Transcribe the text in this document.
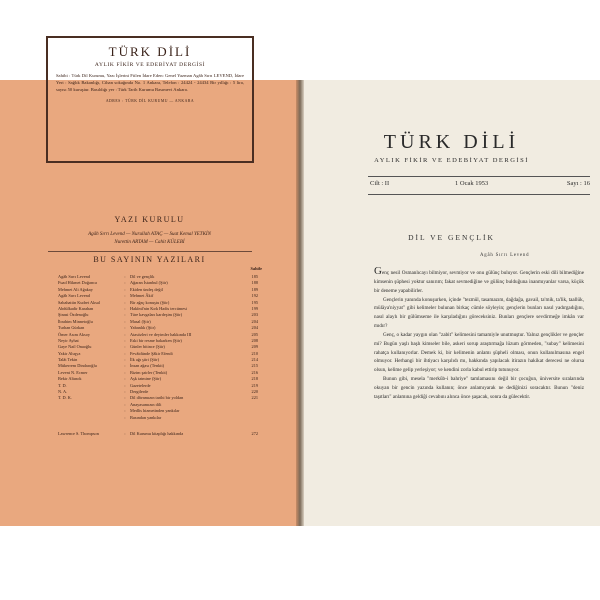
TÜRK DİLİ
AYLIK FİKİR VE EDEBİYAT DERGİSİ
Sahibi : Türk Dil Kurumu, Yazı İşlerini Fiilen İdare Eden: Genel Yazman Agâh Sırrı LEVEND, İdare Yeri : Sağlık Bakanlığı, Cihan sokağında No. 1 Ankara, Telefon : 24424 - 24434 Bir yıllığı : 5 lira, sayısı 50 kuruştur. Basıldığı yer : Türk Tarih Kurumu Basımevi Ankara.
ADRES : TÜRK DİL KURUMU — ANKARA
YAZI KURULU
Agâh Sırrı Levend — Nurullah ATAÇ — Suat Kemal YETKİN
Nurettin ARTAM — Cahit KÜLEBİ
BU SAYININ YAZILARI
Sahife
Agâh Sırrı Levend	:	Dil ve gençlik	185
Fuad Hikmet Doğanca	:	Ağaran İstanbul (Şiir)	188
Mehmet Ali Ağakay	:	Ekiden ündeş değil	189
Agâh Sırrı Levend	:	Mehmet Âkif	192
Sabahattin Kudret Aksal	:	Bir ağaç konuştu (Şiir)	195
Abdülkadir Karahan	:	Hakîmî'nin Kırk Hadis tercümesi	199
Şinasi Özdenoğlu	:	Türe kavgaları kardeşim (Şiir)	203
İbrahim Minnetoğlu	:	Masal (Şiir)	204
Turhan Gürkan	:	Yabanlık (Şiir)	204
Ömer Asım Aksoy	:	Atasözleri ve deyimler hakkında III	205
Neyir Ayhat	:	Eski bir resme bakarken (Şiir)	208
Gaye Nail Onaoğlu	:	Günler bitince (Şiir)	209
Yakir Aluşya	:	Fevâidünde Şâkir Efendi	210
Talât Tekin	:	İlk ağı şiiri (Şiir)	214
Mükerrem Dindaroğlu	:	İnsan ağası (Tenkit)	215
Levent N. Ecmer	:	Bizim şairler (Tenkit)	216
Bekir Altınok	:	Aşk tatmine (Şiir)	218
T. D.	:	Gazetelerde	219
N. A.	:	Dergilerde	220
T. D. K.	:	Dil dâvamızın tarihi bir yoldan	221
:	Anayasamızın dili
:	Medlis hizmetinden yankılar
:	Basından yankılar
Lawrence S. Thompson	:	Dil Kurumu kitaplığı hakkında	272
TÜRK DİLİ
AYLIK FİKİR VE EDEBİYAT DERGİSİ
Cilt : II	1 Ocak 1953	Sayı : 16
DİL VE GENÇLİK
Agâh Sırrı Levend

Genç nesil Osmanlıcayı bilmiyor, sevmiyor ve onu gülünç buluyor. Gençlerin eski dili bilmediğine kimsenin şüphesi yoktur sanırım; fakat sevmediğine ve gülünç bulduğuna inanmıyanlar varsa, küçük bir deneme yapabilirler.

Gençlerin yanında konuşurken, içinde "tezmül, tasamazım, dağdağa, gavail, ta'mik, ta'lik, taallük, müläya'niyyat" gibi kelimeler bulunan birkaç cümle söyleyin; gençlerin bunları nasıl yadırgadığını, nasıl alaylı bir gülümseme ile karşıladığını göreceksiniz. Bunları gençlere sevdirmeğe imkân var mıdır?

Genç, o kadar yaygın olan "zabit" kelimesini tamamiyle unutmuştur. Yalnız gençlikler ve gençler mi? Bugün yaşlı başlı kimseler bile, askeri sorup araştırmağa lüzum görmeden, "subay" kelimesini rahatça kullanıyorlar. Demek ki, bir kelimenin anlamı şüpheli olması, onun kullanılmasına engel olmuyor. Herhangi bir ihtiyacı karşılıdı mı, hakkında yapılacak itirazın hakikat derecesi ne olursa olsun, kelime gelip yerleşiyor; ve kendini zorla kabul ettirip tutunuyor.

Bunun gibi, mesela "merkûb-i bahriye" tamlamasını değil bir çocuğun, üniversite sıralarında okuyan bir gencin yazında kullanın; önce anlamıyarak ne dediğinizi soracaktır. Bunun "deniz taşıtları" anlamına geldiği cevabını alınca önce şaşacak, sonra da gülecektir.
